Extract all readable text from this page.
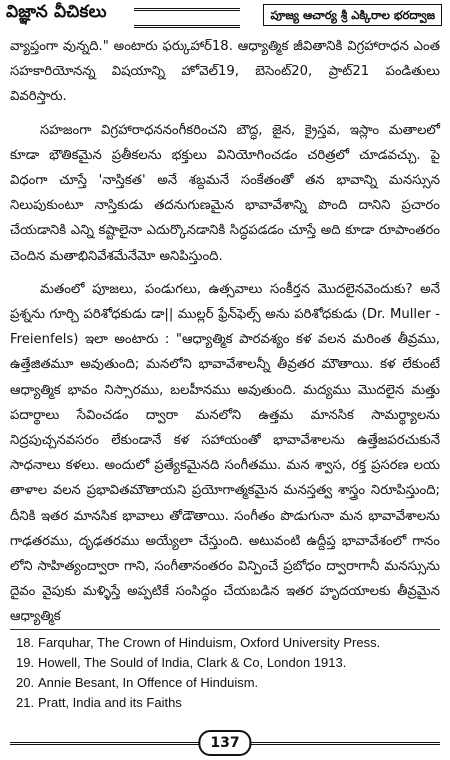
విజ్ఞాన వీచికలు	పూజ్య ఆచార్య శ్రీ ఎక్కిరాల భరద్వాజ

వ్యాప్తంగా వున్నది." అంటారు ఫర్కుహార్18. ఆధ్యాత్మిక జీవితానికి విగ్రహారాధన ఎంత సహకారియోనన్న విషయాన్ని హోవెల్19, బెసెంట్20, ప్రాట్21 పండితులు వివరిస్తారు.

సహజంగా విగ్రహారాధననంగీకరించని బౌద్ధ, జైన, క్రైస్తవ, ఇస్లాం మతాలలో కూడా భౌతికమైన ప్రతీకలను భక్తులు వినియోగించడం చరిత్రలో చూడవచ్చు. పై విధంగా చూస్తే 'నాస్తికత' అనే శబ్దమనే సంకేతంతో తన భావాన్ని మనస్సున నిలుపుకుంటూ నాస్తికుడు తదనుగుణమైన భావావేశాన్ని పొంది దానిని ప్రచారం చేయడానికి ఎన్ని కష్టాలైనా ఎదుర్కొనడానికి సిద్ధపడడం చూస్తే అది కూడా రూపాంతరం చెందిన మతాభినివేశమేనేమో అనిపిస్తుంది.

మతంలో పూజలు, పండుగలు, ఉత్సవాలు సంకీర్తన మొదలైనవెందుకు? అనే ప్రశ్నను గూర్చి పరిశోధకుడు డా|| ముల్లర్ ఫ్రేన్‌ఫెల్స్ అను పరిశోధకుడు (Dr. Muller - Freienfels) ఇలా అంటారు : "ఆధ్యాత్మిక పారవశ్యం కళ వలన మరింత తీవ్రము, ఉత్తేజితమూ అవుతుంది; మనలోని భావావేశాలన్నీ తీవ్రతర మౌతాయి. కళ లేకుంటే ఆధ్యాత్మిక భావం నిస్సారము, బలహీనము అవుతుంది. మద్యము మొదలైన మత్తు పదార్థాలు సేవించడం ద్వారా మనలోని ఉత్తమ మానసిక సామర్థ్యాలను నిద్రపుచ్చనవసరం లేకుండానే కళ సహాయంతో భావావేశాలను ఉత్తేజపరచుకునే సాధనాలు కళలు. అందులో ప్రత్యేకమైనది సంగీతము. మన శ్వాస, రక్త ప్రసరణ లయ తాళాల వలన ప్రభావితమౌతాయని ప్రయోగాత్మకమైన మనస్తత్వ శాస్త్రం నిరూపిస్తుంది; దీనికి ఇతర మానసిక భావాలు తోడౌతాయి. సంగీతం పొడుగునా మన భావావేశాలను గాఢతరము, దృఢతరము అయ్యేలా చేస్తుంది. అటువంటి ఉద్దీప్త భావావేశంలో గానం లోని సాహిత్యంద్వారా గాని, సంగీతానంతరం విన్పించే ప్రబోధం ద్వారాగానీ మనస్సును దైవం వైపుకు మళ్ళిస్తే అప్పటికే సంసిద్ధం చేయబడిన ఇతర హృదయాలకు తీవ్రమైన ఆధ్యాత్మిక

18. Farquhar, The Crown of Hinduism, Oxford University Press.
19. Howell, The Sould of India, Clark & Co, London 1913.
20. Annie Besant, In Offence of Hinduism.
21. Pratt, India and its Faiths
137
